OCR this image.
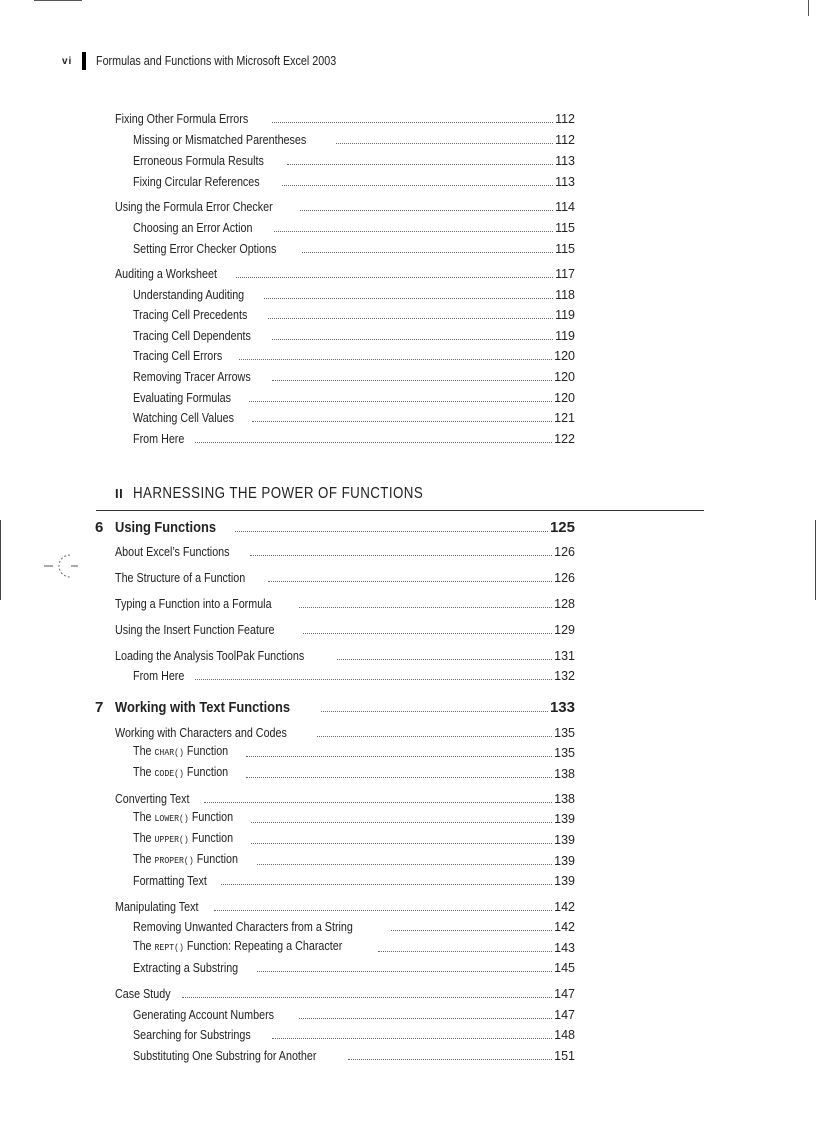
vi Formulas and Functions with Microsoft Excel 2003
Fixing Other Formula Errors	112
Missing or Mismatched Parentheses	112
Erroneous Formula Results	113
Fixing Circular References	113
Using the Formula Error Checker	114
Choosing an Error Action	115
Setting Error Checker Options	115
Auditing a Worksheet	117
Understanding Auditing	118
Tracing Cell Precedents	119
Tracing Cell Dependents	119
Tracing Cell Errors	120
Removing Tracer Arrows	120
Evaluating Formulas	120
Watching Cell Values	121
From Here	122
6 Using Functions	125
About Excel’s Functions	126
The Structure of a Function	126
Typing a Function into a Formula	128
Using the Insert Function Feature	129
Loading the Analysis ToolPak Functions	131
From Here	132
7 Working with Text Functions	133
Working with Characters and Codes	135
The CHAR() Function	135
The CODE() Function	138
Converting Text	138
The LOWER() Function	139
The UPPER() Function	139
The PROPER() Function	139
Formatting Text	139
Manipulating Text	142
Removing Unwanted Characters from a String	142
The REPT() Function: Repeating a Character	143
Extracting a Substring	145
Case Study	147
Generating Account Numbers	147
Searching for Substrings	148
Substituting One Substring for Another	151
II HARNESSING THE POWER OF FUNCTIONS
